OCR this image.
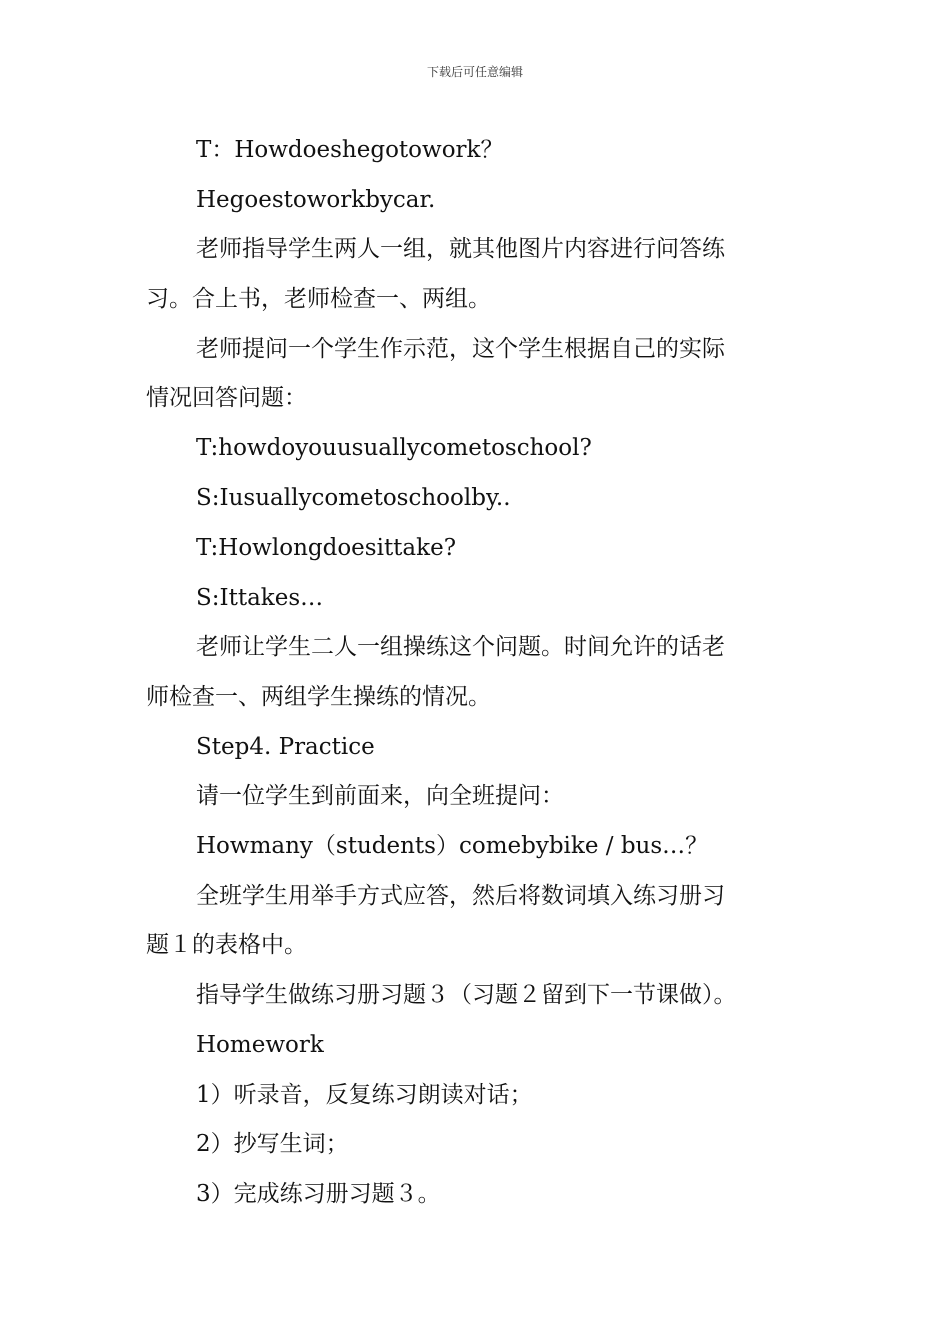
下载后可任意编辑
T：Howdoeshegotowork？
Hegoestoworkbycar.
老师指导学生两人一组，就其他图片内容进行问答练
习。合上书，老师检查一、两组。
老师提问一个学生作示范，这个学生根据自己的实际
情况回答问题：
T:howdoyouusuallycometoschool?
S:Iusuallycometoschoolby..
T:Howlongdoesittake?
S:Ittakes…
老师让学生二人一组操练这个问题。时间允许的话老
师检查一、两组学生操练的情况。
Step4. Practice
请一位学生到前面来，向全班提问：
Howmany（students）comebybike / bus…？
全班学生用举手方式应答，然后将数词填入练习册习
题１的表格中。
指导学生做练习册习题３（习题２留到下一节课做）。
Homework
1）听录音，反复练习朗读对话；
2）抄写生词；
3）完成练习册习题３。
